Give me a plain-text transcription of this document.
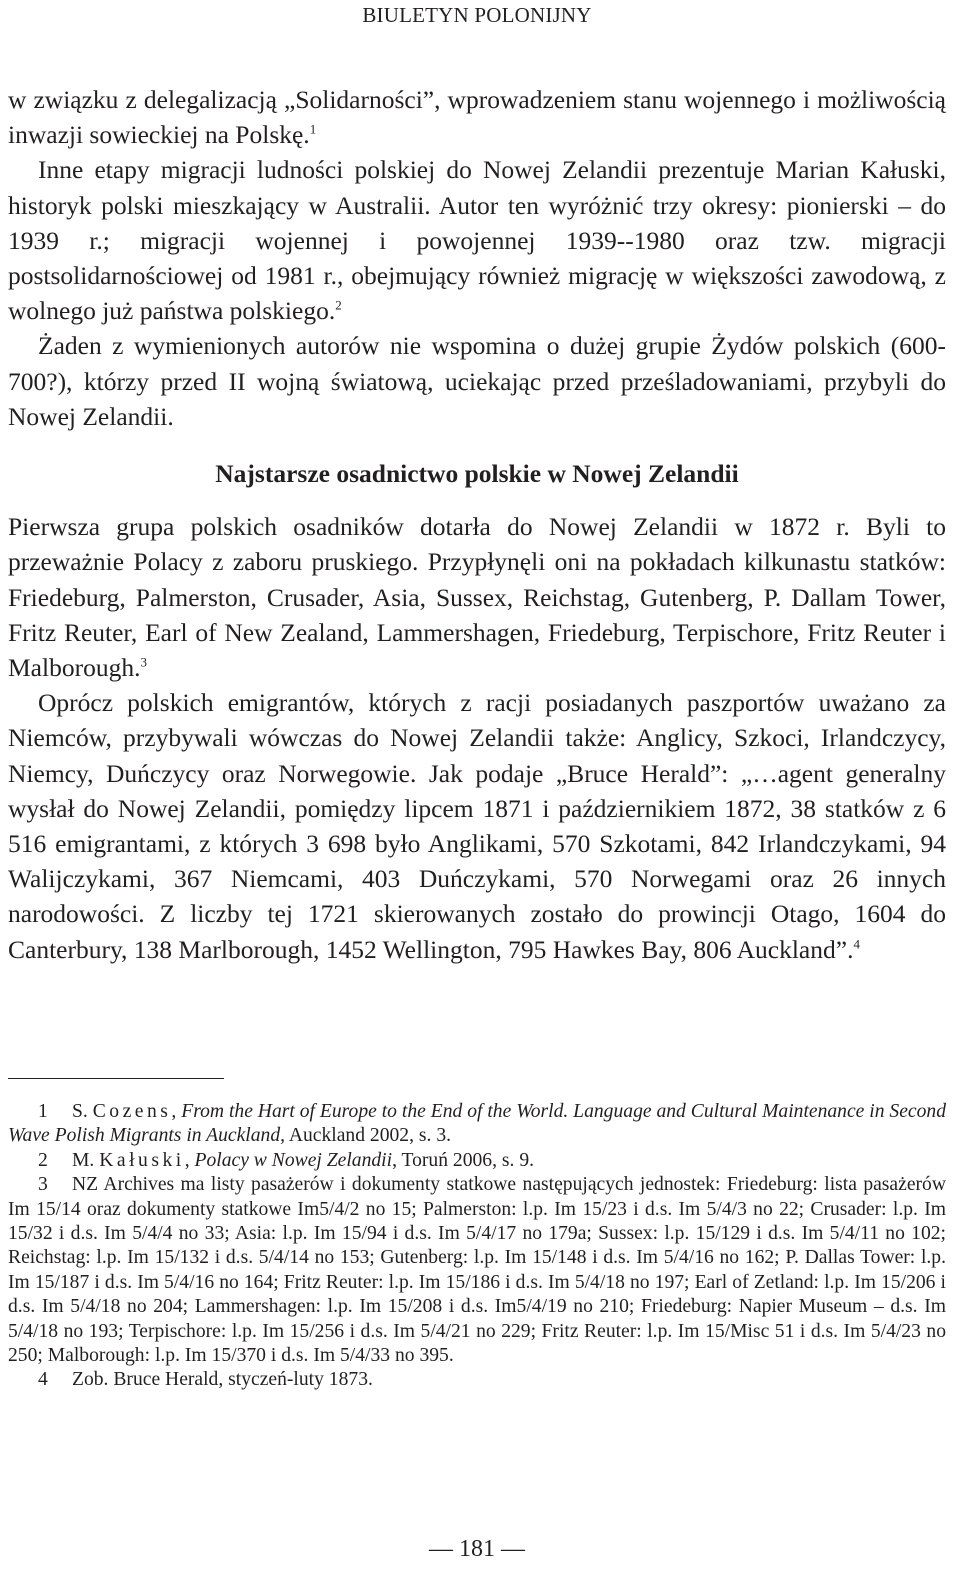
BIULETYN POLONIJNY

w związku z delegalizacją „Solidarności”, wprowadzeniem stanu wojennego i możliwością inwazji sowieckiej na Polskę.$^1$

Inne etapy migracji ludności polskiej do Nowej Zelandii prezentuje Marian Kałuski, historyk polski mieszkający w Australii. Autor ten wyróżnić trzy okresy: pionierski – do 1939 r.; migracji wojennej i powojennej 1939--1980 oraz tzw. migracji postsolidarnościowej od 1981 r., obejmujący również migrację w większości zawodową, z wolnego już państwa polskiego.$^2$

Żaden z wymienionych autorów nie wspomina o dużej grupie Żydów polskich (600-700?), którzy przed II wojną światową, uciekając przed prześladowaniami, przybyli do Nowej Zelandii.

Najstarsze osadnictwo polskie w Nowej Zelandii

Pierwsza grupa polskich osadników dotarła do Nowej Zelandii w 1872 r. Byli to przeważnie Polacy z zaboru pruskiego. Przypłynęli oni na pokładach kilkunastu statków: Friedeburg, Palmerston, Crusader, Asia, Sussex, Reichstag, Gutenberg, P. Dallam Tower, Fritz Reuter, Earl of New Zealand, Lammershagen, Friedeburg, Terpischore, Fritz Reuter i Malborough.$^3$

Oprócz polskich emigrantów, których z racji posiadanych paszportów uważano za Niemców, przybywali wówczas do Nowej Zelandii także: Anglicy, Szkoci, Irlandczycy, Niemcy, Duńczycy oraz Norwegowie. Jak podaje „Bruce Herald”: „…agent generalny wysłał do Nowej Zelandii, pomiędzy lipcem 1871 i październikiem 1872, 38 statków z 6 516 emigrantami, z których 3 698 było Anglikami, 570 Szkotami, 842 Irlandczykami, 94 Walijczykami, 367 Niemcami, 403 Duńczykami, 570 Norwegami oraz 26 innych narodowości. Z liczby tej 1721 skierowanych zostało do prowincji Otago, 1604 do Canterbury, 138 Marlborough, 1452 Wellington, 795 Hawkes Bay, 806 Auckland”.$^4$

1 S. Cozens, From the Hart of Europe to the End of the World. Language and Cultural Maintenance in Second Wave Polish Migrants in Auckland, Auckland 2002, s. 3.

2 M. Kałuski, Polacy w Nowej Zelandii, Toruń 2006, s. 9.

3 NZ Archives ma listy pasażerów i dokumenty statkowe następujących jednostek: Friedeburg: lista pasażerów Im 15/14 oraz dokumenty statkowe Im5/4/2 no 15; Palmerston: l.p. Im 15/23 i d.s. Im 5/4/3 no 22; Crusader: l.p. Im 15/32 i d.s. Im 5/4/4 no 33; Asia: l.p. Im 15/94 i d.s. Im 5/4/17 no 179a; Sussex: l.p. 15/129 i d.s. Im 5/4/11 no 102; Reichstag: l.p. Im 15/132 i d.s. 5/4/14 no 153; Gutenberg: l.p. Im 15/148 i d.s. Im 5/4/16 no 162; P. Dallas Tower: l.p. Im 15/187 i d.s. Im 5/4/16 no 164; Fritz Reuter: l.p. Im 15/186 i d.s. Im 5/4/18 no 197; Earl of Zetland: l.p. Im 15/206 i d.s. Im 5/4/18 no 204; Lammershagen: l.p. Im 15/208 i d.s. Im5/4/19 no 210; Friedeburg: Napier Museum – d.s. Im 5/4/18 no 193; Terpischore: l.p. Im 15/256 i d.s. Im 5/4/21 no 229; Fritz Reuter: l.p. Im 15/Misc 51 i d.s. Im 5/4/23 no 250; Malborough: l.p. Im 15/370 i d.s. Im 5/4/33 no 395.

4 Zob. Bruce Herald, styczeń-luty 1873.

— 181 —
